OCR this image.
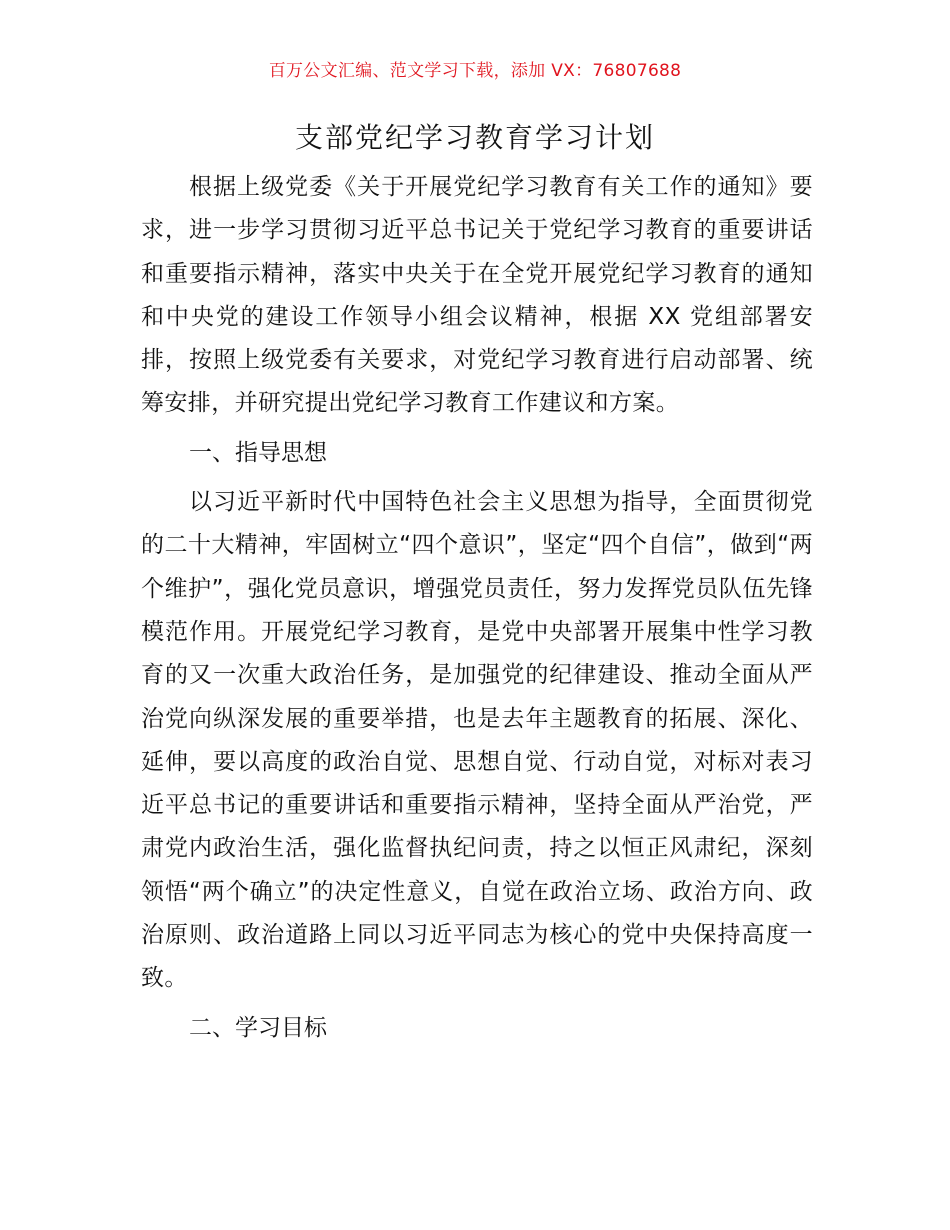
百万公文汇编、范文学习下载，添加 VX：76807688
支部党纪学习教育学习计划

根据上级党委《关于开展党纪学习教育有关工作的通知》要求，进一步学习贯彻习近平总书记关于党纪学习教育的重要讲话和重要指示精神，落实中央关于在全党开展党纪学习教育的通知和中央党的建设工作领导小组会议精神，根据 XX 党组部署安排，按照上级党委有关要求，对党纪学习教育进行启动部署、统筹安排，并研究提出党纪学习教育工作建议和方案。

一、指导思想

以习近平新时代中国特色社会主义思想为指导，全面贯彻党的二十大精神，牢固树立“四个意识”，坚定“四个自信”，做到“两个维护”，强化党员意识，增强党员责任，努力发挥党员队伍先锋模范作用。开展党纪学习教育，是党中央部署开展集中性学习教育的又一次重大政治任务，是加强党的纪律建设、推动全面从严治党向纵深发展的重要举措，也是去年主题教育的拓展、深化、延伸，要以高度的政治自觉、思想自觉、行动自觉，对标对表习近平总书记的重要讲话和重要指示精神，坚持全面从严治党，严肃党内政治生活，强化监督执纪问责，持之以恒正风肃纪，深刻领悟“两个确立”的决定性意义，自觉在政治立场、政治方向、政治原则、政治道路上同以习近平同志为核心的党中央保持高度一致。

二、学习目标
